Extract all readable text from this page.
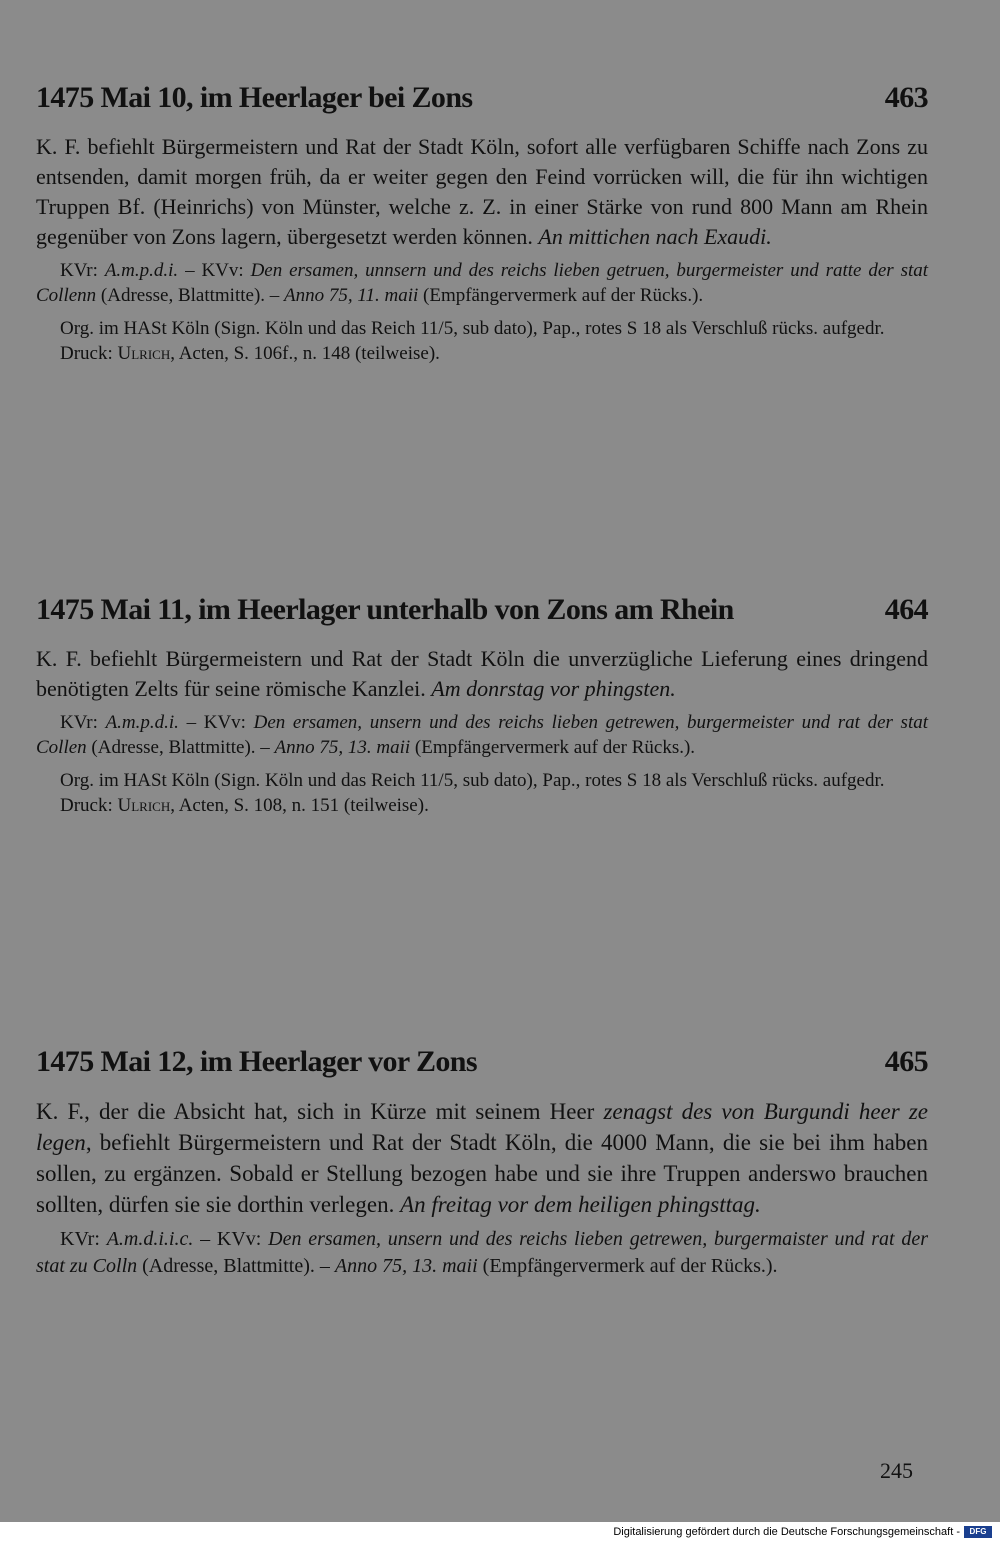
1475 Mai 10, im Heerlager bei Zons	463

K. F. befiehlt Bürgermeistern und Rat der Stadt Köln, sofort alle verfügbaren Schiffe nach Zons zu entsenden, damit morgen früh, da er weiter gegen den Feind vorrücken will, die für ihn wichtigen Truppen Bf. (Heinrichs) von Münster, welche z. Z. in einer Stärke von rund 800 Mann am Rhein gegenüber von Zons lagern, übergesetzt werden können. An mittichen nach Exaudi.

KVr: A.m.p.d.i. – KVv: Den ersamen, unnsern und des reichs lieben getruen, burgermeister und ratte der stat Collenn (Adresse, Blattmitte). – Anno 75, 11. maii (Empfängervermerk auf der Rücks.).

Org. im HASt Köln (Sign. Köln und das Reich 11/5, sub dato), Pap., rotes S 18 als Verschluß rücks. aufgedr.

Druck: Ulrich, Acten, S. 106f., n. 148 (teilweise).

1475 Mai 11, im Heerlager unterhalb von Zons am Rhein	464

K. F. befiehlt Bürgermeistern und Rat der Stadt Köln die unverzügliche Lieferung eines dringend benötigten Zelts für seine römische Kanzlei. Am donrstag vor phingsten.

KVr: A.m.p.d.i. – KVv: Den ersamen, unsern und des reichs lieben getrewen, burgermeister und rat der stat Collen (Adresse, Blattmitte). – Anno 75, 13. maii (Empfängervermerk auf der Rücks.).

Org. im HASt Köln (Sign. Köln und das Reich 11/5, sub dato), Pap., rotes S 18 als Verschluß rücks. aufgedr.

Druck: Ulrich, Acten, S. 108, n. 151 (teilweise).

1475 Mai 12, im Heerlager vor Zons	465

K. F., der die Absicht hat, sich in Kürze mit seinem Heer zenagst des von Burgundi heer ze legen, befiehlt Bürgermeistern und Rat der Stadt Köln, die 4000 Mann, die sie bei ihm haben sollen, zu ergänzen. Sobald er Stellung bezogen habe und sie ihre Truppen anderswo brauchen sollten, dürfen sie sie dorthin verlegen. An freitag vor dem heiligen phingsttag.

KVr: A.m.d.i.i.c. – KVv: Den ersamen, unsern und des reichs lieben getrewen, burgermaister und rat der stat zu Colln (Adresse, Blattmitte). – Anno 75, 13. maii (Empfängervermerk auf der Rücks.).

245
Digitalisierung gefördert durch die Deutsche Forschungsgemeinschaft -	DFG
